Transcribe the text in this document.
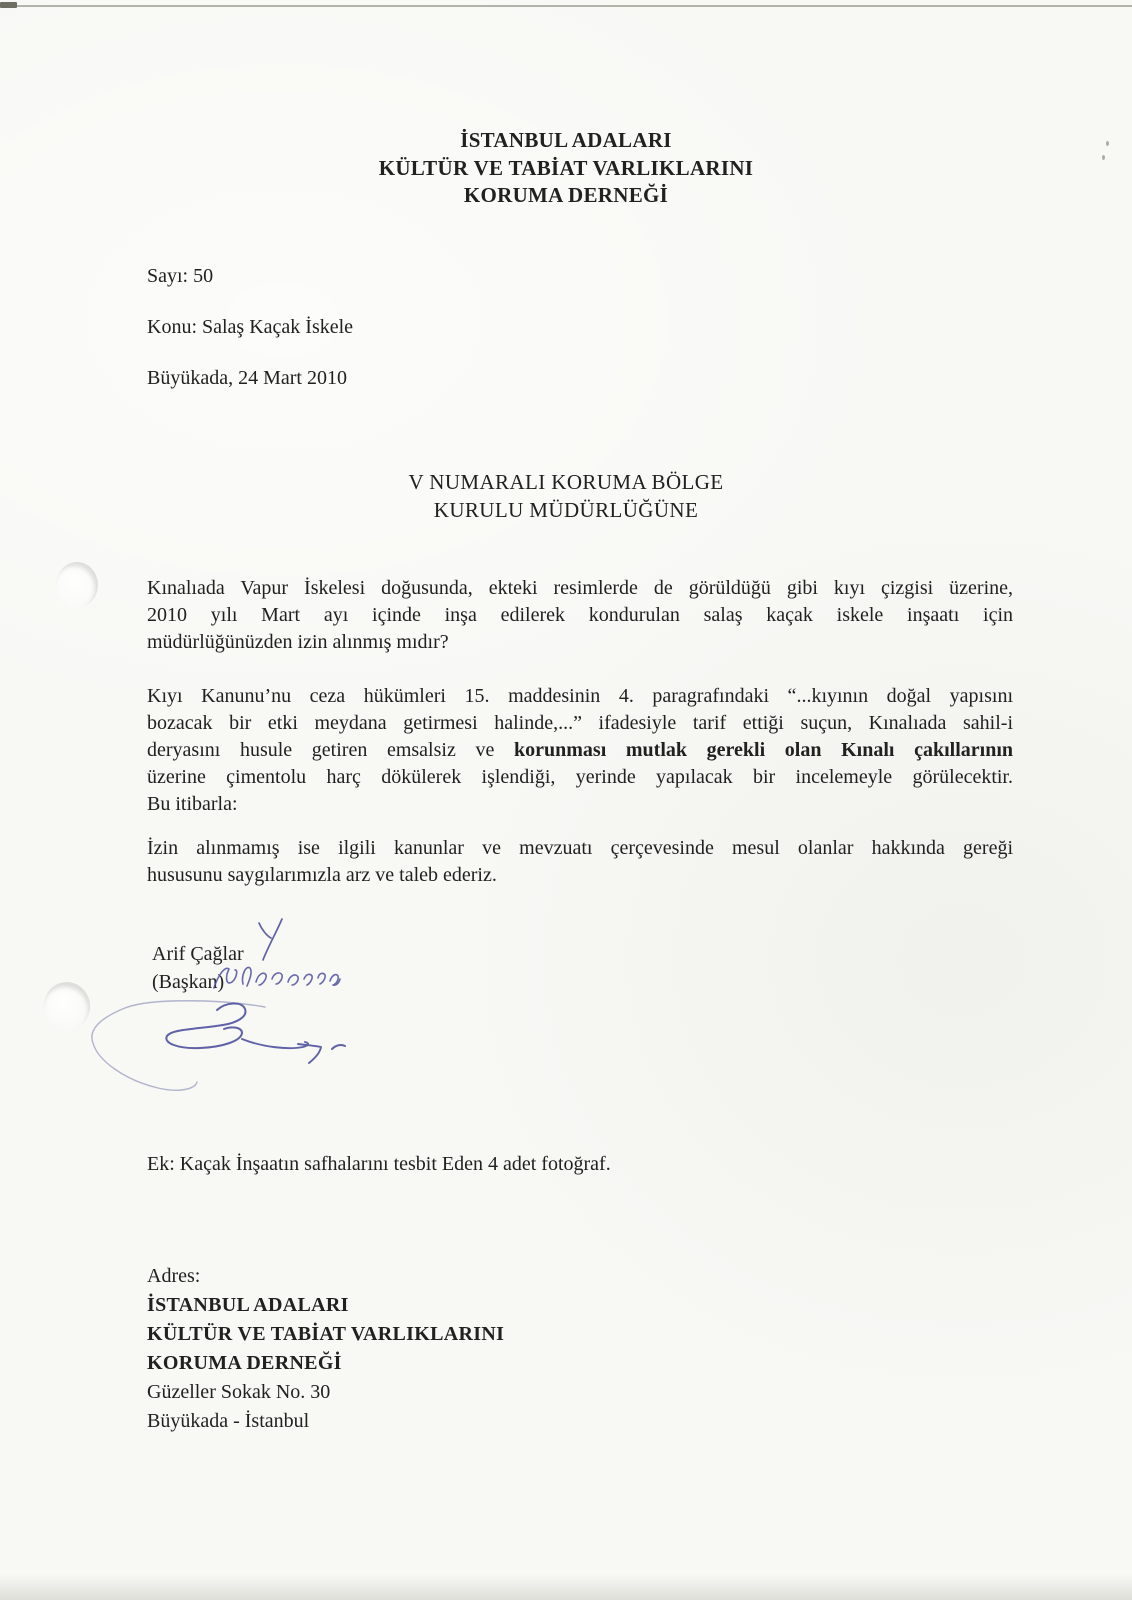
İSTANBUL ADALARI
KÜLTÜR VE TABİAT VARLIKLARINI
KORUMA DERNEĞİ
Sayı: 50
Konu: Salaş Kaçak İskele
Büyükada, 24 Mart 2010
V NUMARALI KORUMA BÖLGE
KURULU MÜDÜRLÜĞÜNE
Kınalıada Vapur İskelesi doğusunda, ekteki resimlerde de görüldüğü gibi kıyı çizgisi üzerine,
2010 yılı Mart ayı içinde inşa edilerek kondurulan salaş kaçak iskele inşaatı için
müdürlüğünüzden izin alınmış mıdır?
Kıyı Kanunu’nu ceza hükümleri 15. maddesinin 4. paragrafındaki “...kıyının doğal yapısını
bozacak bir etki meydana getirmesi halinde,...” ifadesiyle tarif ettiği suçun, Kınalıada sahil-i
deryasını husule getiren emsalsiz ve korunması mutlak gerekli olan Kınalı çakıllarının
üzerine çimentolu harç dökülerek işlendiği, yerinde yapılacak bir incelemeyle görülecektir.
Bu itibarla:
İzin alınmamış ise ilgili kanunlar ve mevzuatı çerçevesinde mesul olanlar hakkında gereği
hususunu saygılarımızla arz ve taleb ederiz.
Arif Çağlar
(Başkan)
Ek: Kaçak İnşaatın safhalarını tesbit Eden 4 adet fotoğraf.
Adres:
İSTANBUL ADALARI
KÜLTÜR VE TABİAT VARLIKLARINI
KORUMA DERNEĞİ
Güzeller Sokak No. 30
Büyükada - İstanbul
